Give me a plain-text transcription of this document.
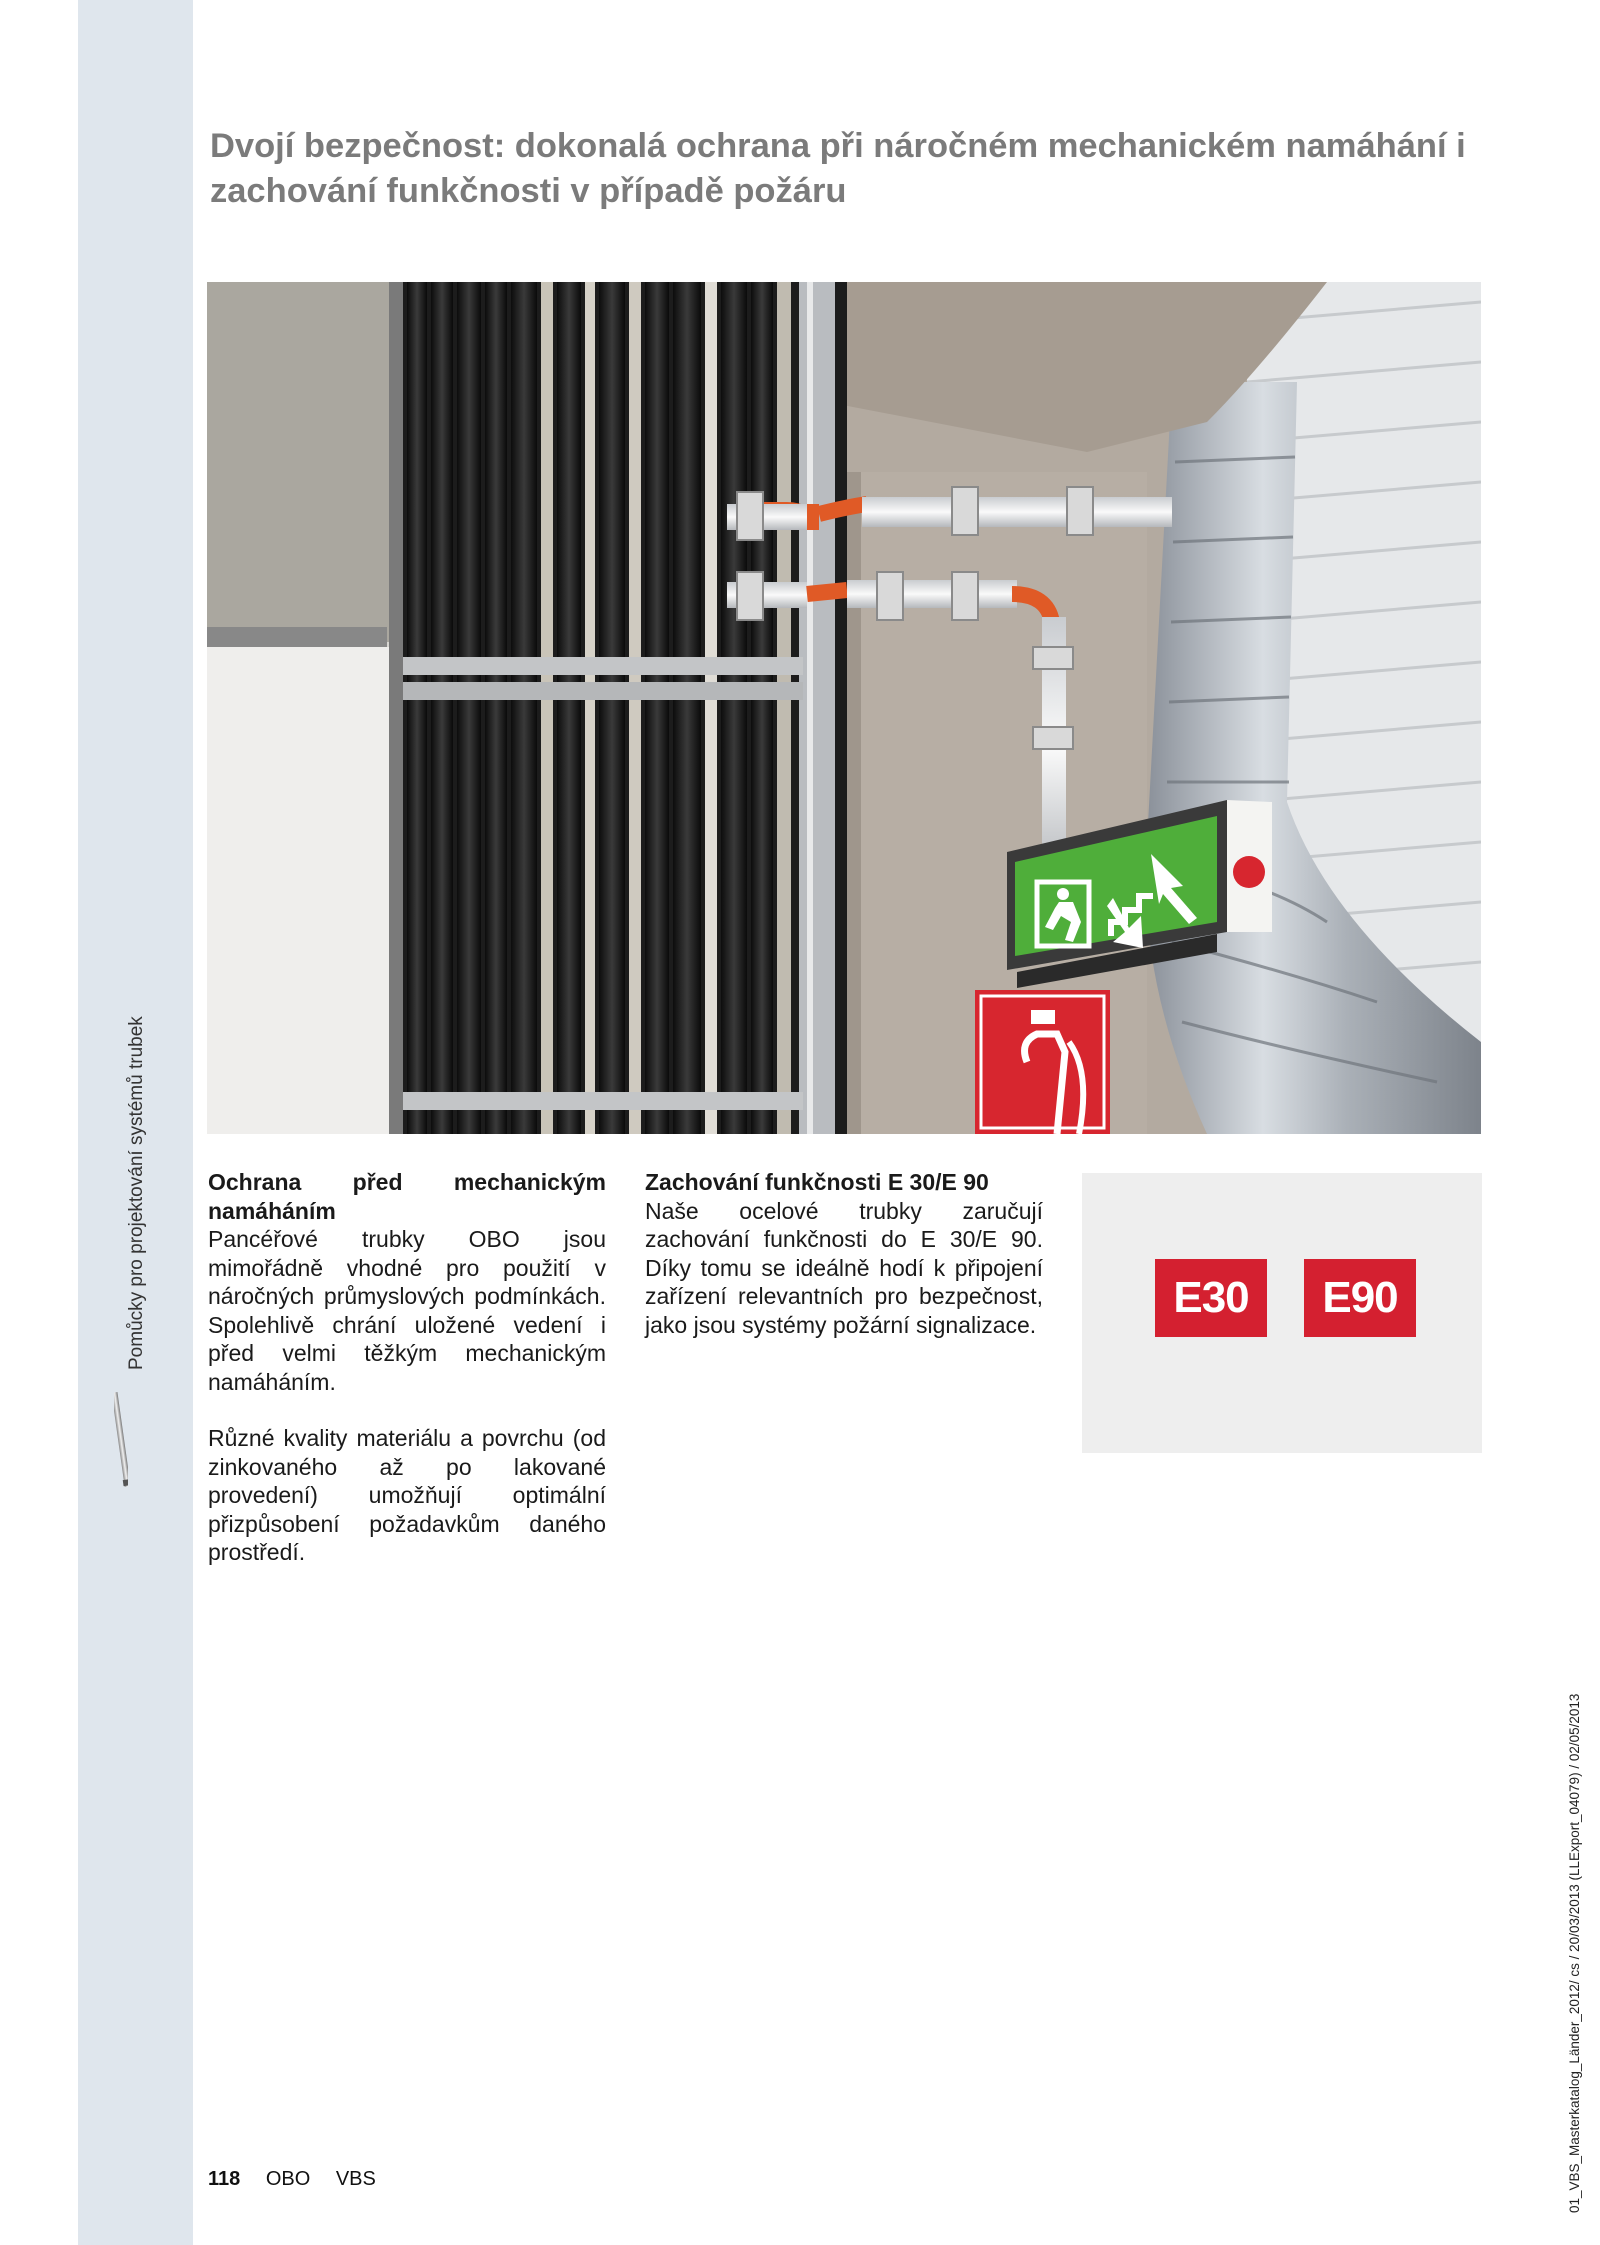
Pomůcky pro projektování systémů trubek
Dvojí bezpečnost: dokonalá ochrana při náročném mechanickém namáhání i zachování funkčnosti v případě požáru
Ochrana před mechanickým namáháním

Pancéřové trubky OBO jsou mimořádně vhodné pro použití v náročných průmyslových podmínkách. Spolehlivě chrání uložené vedení i před velmi těžkým mechanickým namáháním.

Různé kvality materiálu a povrchu (od zinkovaného až po lakované provedení) umožňují optimální přizpůsobení požadavkům daného prostředí.

Zachování funkčnosti E 30/E 90

Naše ocelové trubky zaručují zachování funkčnosti do E 30/E 90. Díky tomu se ideálně hodí k připojení zařízení relevantních pro bezpečnost, jako jsou systémy požární signalizace.

E30	E90
01_VBS_Masterkatalog_Länder_2012/ cs / 20/03/2013 (LLExport_04079) / 02/05/2013
118 OBO VBS
